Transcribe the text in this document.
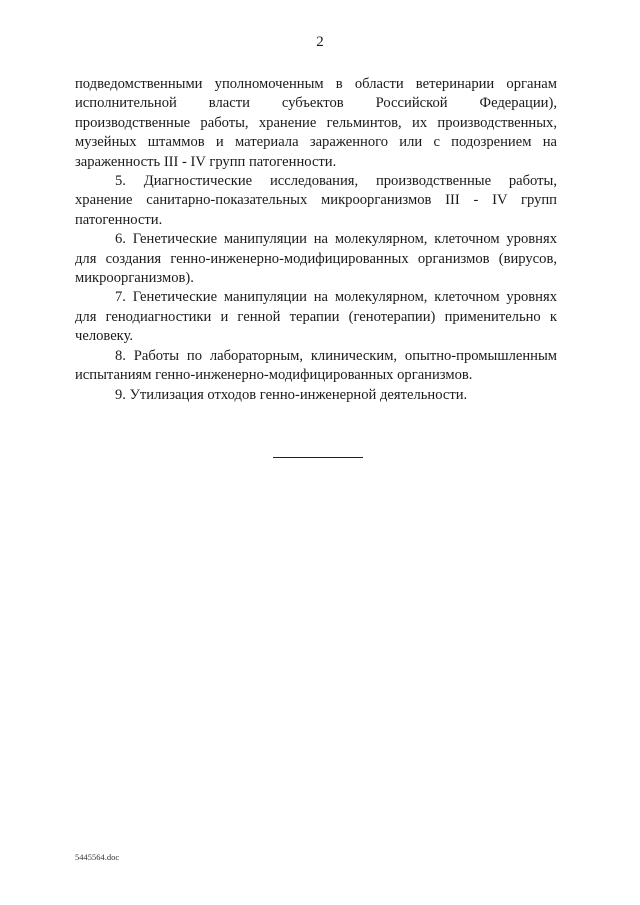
2

подведомственными уполномоченным в области ветеринарии органам исполнительной власти субъектов Российской Федерации), производственные работы, хранение гельминтов, их производственных, музейных штаммов и материала зараженного или с подозрением на зараженность III - IV групп патогенности.

5. Диагностические исследования, производственные работы, хранение санитарно-показательных микроорганизмов III - IV групп патогенности.

6. Генетические манипуляции на молекулярном, клеточном уровнях для создания генно-инженерно-модифицированных организмов (вирусов, микроорганизмов).

7. Генетические манипуляции на молекулярном, клеточном уровнях для генодиагностики и генной терапии (генотерапии) применительно к человеку.

8. Работы по лабораторным, клиническим, опытно-промышленным испытаниям генно-инженерно-модифицированных организмов.

9. Утилизация отходов генно-инженерной деятельности.

5445564.doc
